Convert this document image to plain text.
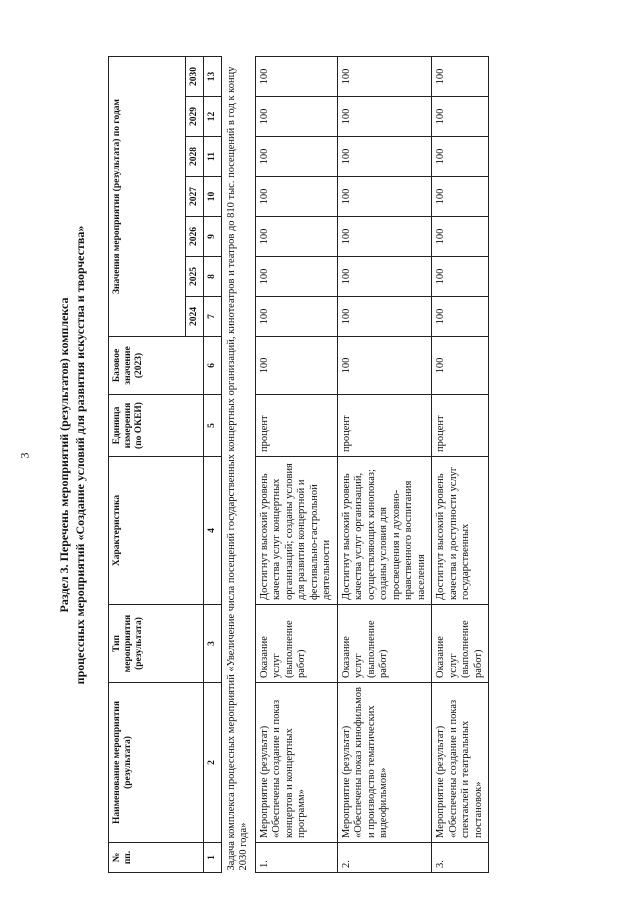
3 Раздел 3. Перечень мероприятий (результатов) комплекса процессных мероприятий «Создание условий для развития искусства и творчества»
№ пп.	Наименование мероприятия (результата)	Тип мероприятия (результата)	Характеристика	Единица измерения (по ОКЕИ)	Базовое значение (2023)	Значения мероприятия (результата) по годам						
						2024	2025	2026	2027	2028	2029	2030
1	2	3	4	5	6	7	8	9	10	11	12	13
Задача комплекса процессных мероприятий «Увеличение числа посещений государственных концертных организаций, кинотеатров и театров до 810 тыс. посещений в год к концу 2030 года»												
1.	Мероприятие (результат) «Обеспечены создание и показ концертов и концертных программ»	Оказание услуг (выполнение работ)	Достигнут высокий уровень качества услуг концертных организаций; созданы условия для развития концертной и фестивально-гастрольной деятельности	процент	100	100	100	100	100	100	100	100
2.	Мероприятие (результат) «Обеспечены показ кинофильмов и производство тематических видеофильмов»	Оказание услуг (выполнение работ)	Достигнут высокий уровень качества услуг организаций, осуществляющих кинопоказ; созданы условия для просвещения и духовно-нравственного воспитания населения	процент	100	100	100	100	100	100	100	100
3.	Мероприятие (результат) «Обеспечены создание и показ спектаклей и театральных постановок»	Оказание услуг (выполнение работ)	Достигнут высокий уровень качества и доступности услуг государственных	процент	100	100	100	100	100	100	100	100
